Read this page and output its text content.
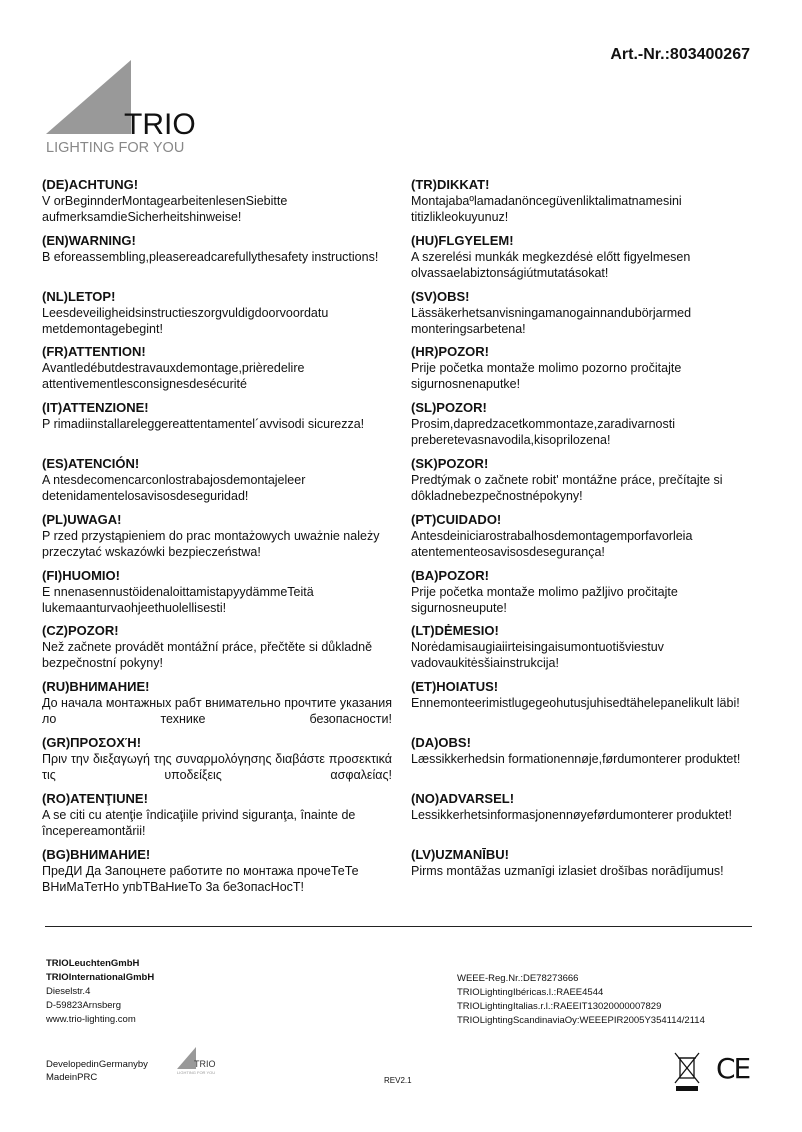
Art.-Nr.:803400267
TRIO
LIGHTING FOR YOU
(DE)ACHTUNG!

V orBeginnderMontagearbeitenlesenSiebitte aufmerksamdieSicherheitshinweise!

(EN)WARNING!

B eforeassembling,pleasereadcarefullythesafety instructions!

(NL)LETOP!

Leesdeveiligheidsinstructieszorgvuldigdoorvoordatu metdemontagebegint!

(FR)ATTENTION!

Avantledébutdestravauxdemontage,prièredelire attentivementlesconsignesdesécurité

(IT)ATTENZIONE!

P rimadiinstallareleggereattentamentel´avvisodi sicurezza!

(ES)ATENCIÓN!

A ntesdecomencarconlostrabajosdemontajeleer detenidamentelosavisosdeseguridad!

(PL)UWAGA!

P rzed przystąpieniem do prac montażowych uważnie należy przeczytać wskazówki bezpieczeństwa!

(FI)HUOMIO!

E nnenasennustöidenaloittamistapyydämmeTeitä lukemaanturvaohjeethuolellisesti!

(CZ)POZOR!

Než začnete provádět montážní práce, přečtěte si důkladně bezpečnostní pokyny!

(RU)ВНИМАНИЕ!

До начала монтажных рабт внимательно прочтите указания ло технике безопасности!

(GR)ΠΡΟΣΟΧΉ!

Πριν την διεξαγωγή της συναρμολόγησης διαβάστε προσεκτικά τις υποδείξεις ασφαλείας!

(RO)ATENŢIUNE!

A se citi cu atenţie îndicaţiile privind siguranţa, înainte de începereamontării!

(BG)ВНИМАНИЕ!

ПреДИ Да Запоцнете работите по монтажа прочеТеТе ВНиМаТетНо упbТВаНиеТо 3а бе3опасНосТ!

(TR)DIKKAT!

Montajabaºlamadanöncegüvenliktalimatnamesini titizlikleokuyunuz!

(HU)FLGYELEM!

A szerelési munkák megkezdésė előtt figyelmesen olvassaelabiztonságiútmutatásokat!

(SV)OBS!

Lässäkerhetsanvisningamanogainnandubörjarmed monteringsarbetena!

(HR)POZOR!

Prije početka montaže molimo pozorno pročitajte sigurnosnenaputke!

(SL)POZOR!

Prosim,dapredzacetkommontaze,zaradivarnosti preberetevasnavodila,kisoprilozena!

(SK)POZOR!

Predtýmak o začnete robit' montážne práce, prečítajte si dôkladnebezpečnostnépokyny!

(PT)CUIDADO!

Antesdeiniciarostrabalhosdemontagemporfavorleia atentementeosavisosdesegurança!

(BA)POZOR!

Prije početka montaže molimo pažljivo pročitajte sigurnosneupute!

(LT)DĖMESIO!

Norėdamisaugiaiirteisingaisumontuotišviestuv vadovaukitėsšiainstrukcija!

(ET)HOIATUS!

Ennemonteerimistlugegeohutusjuhisedtähelepanelikult läbi!

(DA)OBS!

Læssikkerhedsin formationennøje,førdumonterer produktet!

(NO)ADVARSEL!

Lessikkerhetsinformasjonennøyeførdumonterer produktet!

(LV)UZMANĪBU!

Pirms montāžas uzmanīgi izlasiet drošības norādījumus!

TRIOLeuchtenGmbH
TRIOInternationalGmbH
Dieselstr.4
D-59823Arnsberg
www.trio-lighting.com
WEEE-Reg.Nr.:DE78273666
TRIOLightingIbéricas.l.:RAEE4544
TRIOLightingItalias.r.l.:RAEEIT13020000007829
TRIOLightingScandinaviaOy:WEEEPIR2005Y354114/2114
DevelopedinGermanyby
MadeinPRC
TRIO
LIGHTING FOR YOU
REV2.1	CE
